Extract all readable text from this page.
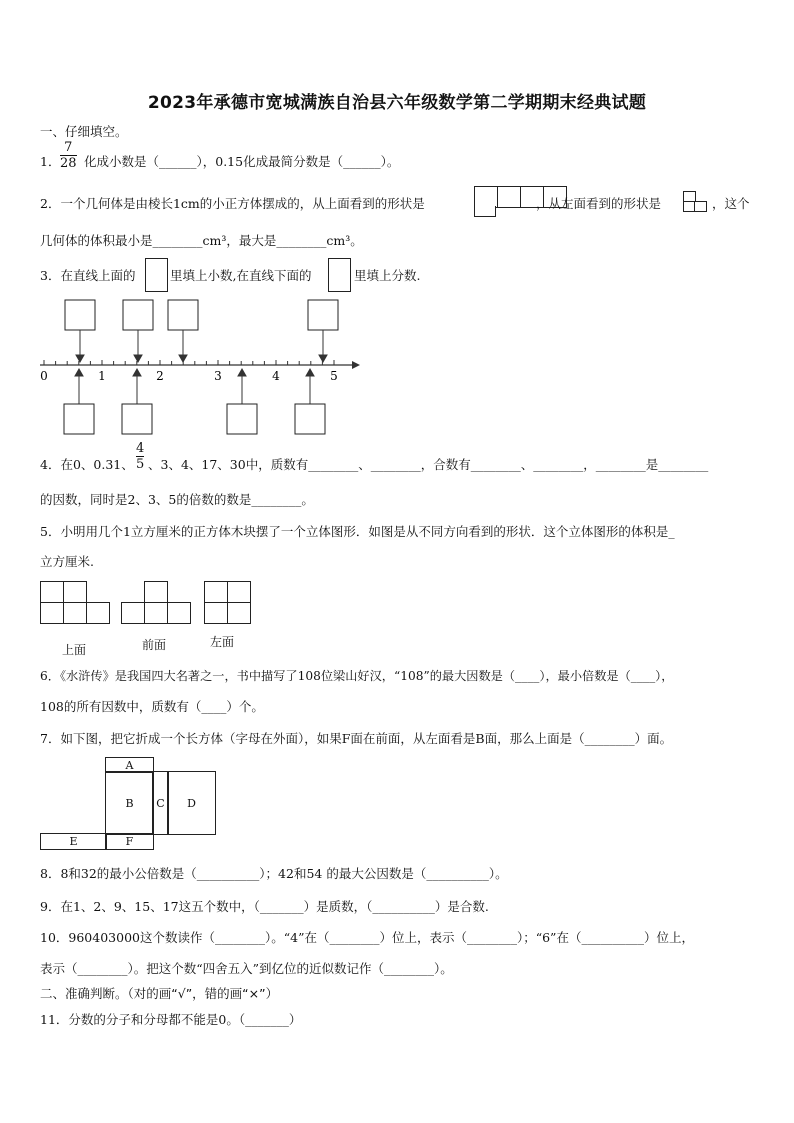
2023年承德市宽城满族自治县六年级数学第二学期期末经典试题
一、仔细填空。
1． $\frac{7}{28}$ 化成小数是（______），0.15化成最简分数是（______）。
2．一个几何体是由棱长1cm的小正方体摆成的，从上面看到的形状是
				，从左面看到的形状是	，这个
几何体的体积最小是________cm³，最大是________cm³。
3．在直线上面的	里填上小数,在直线下面的	里填上分数.
0	1	2	3	4	5
4．在0、0.31、 $\frac{4}{5}$ 、3、4、17、30中，质数有________、________，合数有________、________，________是________
的因数，同时是2、3、5的倍数的数是________。
5．小明用几个1立方厘米的正方体木块摆了一个立体图形．如图是从不同方向看到的形状．这个立体图形的体积是_
立方厘米.

上面

			前面

		左面
6．《水浒传》是我国四大名著之一，书中描写了108位梁山好汉，“108”的最大因数是（____），最小倍数是（____），
108的所有因数中，质数有（____）个。
7．如下图，把它折成一个长方体（字母在外面），如果F面在前面，从左面看是B面，那么上面是（________）面。
A
B	C	D
E	F
8．8和32的最小公倍数是（__________）；42和54 的最大公因数是（__________）。
9．在1、2、9、15、17这五个数中，（_______）是质数，（__________）是合数.
10．960403000这个数读作（________）。“4”在（________）位上，表示（________）；“6”在（__________）位上，
表示（________）。把这个数“四舍五入”到亿位的近似数记作（________）。
二、准确判断。（对的画“√”，错的画“×”）
11．分数的分子和分母都不能是0。（_______）
